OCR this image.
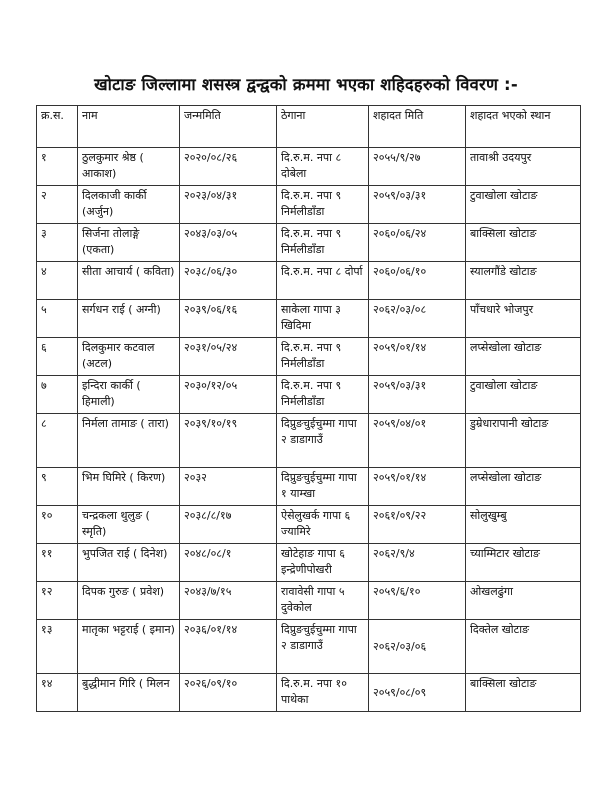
खोटाङ जिल्लामा शसस्त्र द्वन्द्वको क्रममा भएका शहिदहरुको विवरण :-
क्र.स.	नाम	जन्ममिति	ठेगाना	शहादत मिति	शहादत भएको स्थान
१	ठुलकुमार श्रेष्ठ ( आकाश)	२०२०/०८/२६	दि.रु.म. नपा ८ दोबेला	२०५५/९/२७	तावाश्री उदयपुर
२	दिलकाजी कार्की (अर्जुन)	२०२३/०४/३१	दि.रु.म. नपा ९ निर्मलीडाँडा	२०५९/०३/३१	टुवाखोला खोटाङ
३	सिर्जना तोलाङ्गे (एकता)	२०४३/०३/०५	दि.रु.म. नपा ९ निर्मलीडाँडा	२०६०/०६/२४	बाक्सिला खोटाङ
४	सीता आचार्य ( कविता)	२०३८/०६/३०	दि.रु.म. नपा ८ दोर्पा	२०६०/०६/१०	स्यालगौंडे खोटाङ
५	सर्गधन राई ( अग्नी)	२०३९/०६/१६	साकेला गापा ३ खिदिमा	२०६२/०३/०८	पाँचधारे भोजपुर
६	दिलकुमार कटवाल (अटल)	२०३१/०५/२४	दि.रु.म. नपा ९ निर्मलीडाँडा	२०५९/०१/१४	लप्सेखोला खोटाङ
७	इन्दिरा कार्की ( हिमाली)	२०३०/१२/०५	दि.रु.म. नपा ९ निर्मलीडाँडा	२०५९/०३/३१	टुवाखोला खोटाङ
८	निर्मला तामाङ ( तारा)	२०३९/१०/१९	दिप्रुङचुईचुम्मा गापा २ डाडागाउँ	२०५९/०४/०१	डुम्रेधारापानी खोटाङ
९	भिम घिमिरे ( किरण)	२०३२	दिप्रुङचुईचुम्मा गापा १ याम्खा	२०५९/०१/१४	लप्सेखोला खोटाङ
१०	चन्द्रकला थुलुङ ( स्मृति)	२०३८/८/१७	ऐसेलुखर्क गापा ६ ज्यामिरे	२०६१/०९/२२	सोलुखुम्बु
११	भुपजित राई ( दिनेश)	२०४८/०८/१	खोटेहाङ गापा ६ इन्द्रेणीपोखरी	२०६२/९/४	च्याम्मिटार खोटाङ
१२	दिपक गुरुङ ( प्रवेश)	२०४३/७/१५	रावावेसी गापा ५ दुवेकोल	२०५९/६/१०	ओखलढुंगा
१३	मातृका भट्टराई ( इमान)	२०३६/०१/१४	दिप्रुङचुईचुम्मा गापा २ डाडागाउँ	२०६२/०३/०६	दिक्तेल खोटाङ
१४	बुद्धीमान गिरि ( मिलन	२०२६/०९/१०	दि.रु.म. नपा १० पाथेका	२०५९/०८/०९	बाक्सिला खोटाङ
